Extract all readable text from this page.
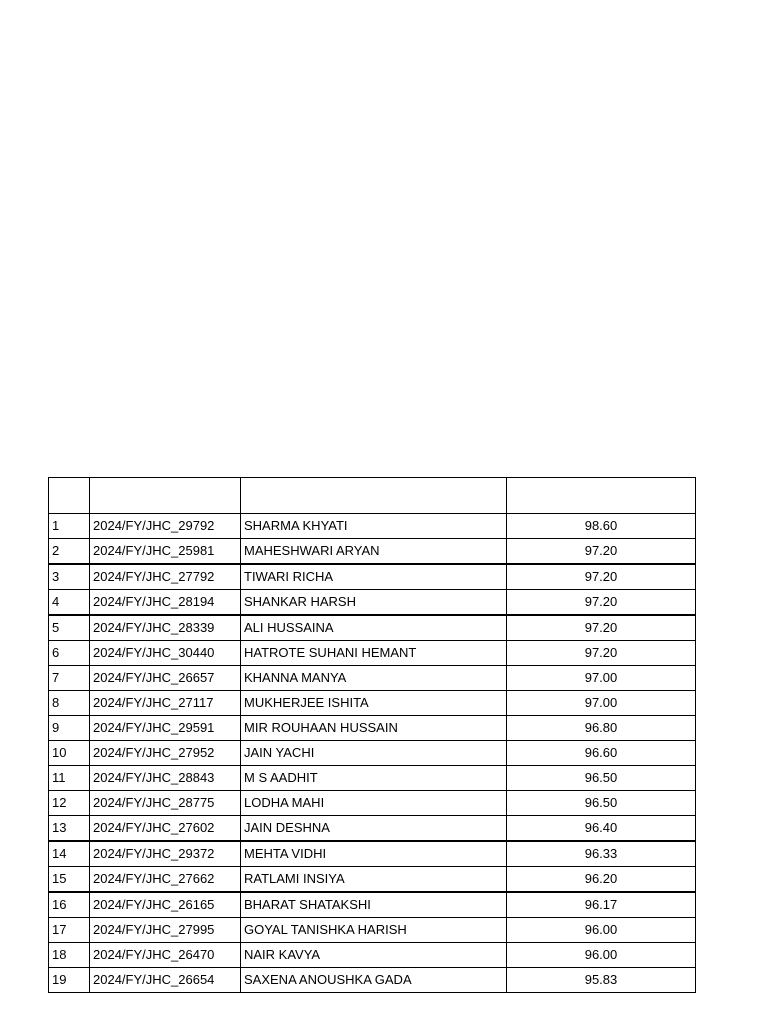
1	2024/FY/JHC_29792	SHARMA KHYATI	98.60
2	2024/FY/JHC_25981	MAHESHWARI ARYAN	97.20
3	2024/FY/JHC_27792	TIWARI RICHA	97.20
4	2024/FY/JHC_28194	SHANKAR HARSH	97.20
5	2024/FY/JHC_28339	ALI HUSSAINA	97.20
6	2024/FY/JHC_30440	HATROTE SUHANI HEMANT	97.20
7	2024/FY/JHC_26657	KHANNA MANYA	97.00
8	2024/FY/JHC_27117	MUKHERJEE ISHITA	97.00
9	2024/FY/JHC_29591	MIR ROUHAAN HUSSAIN	96.80
10	2024/FY/JHC_27952	JAIN YACHI	96.60
11	2024/FY/JHC_28843	M S AADHIT	96.50
12	2024/FY/JHC_28775	LODHA MAHI	96.50
13	2024/FY/JHC_27602	JAIN DESHNA	96.40
14	2024/FY/JHC_29372	MEHTA VIDHI	96.33
15	2024/FY/JHC_27662	RATLAMI INSIYA	96.20
16	2024/FY/JHC_26165	BHARAT SHATAKSHI	96.17
17	2024/FY/JHC_27995	GOYAL TANISHKA HARISH	96.00
18	2024/FY/JHC_26470	NAIR KAVYA	96.00
19	2024/FY/JHC_26654	SAXENA ANOUSHKA GADA	95.83
